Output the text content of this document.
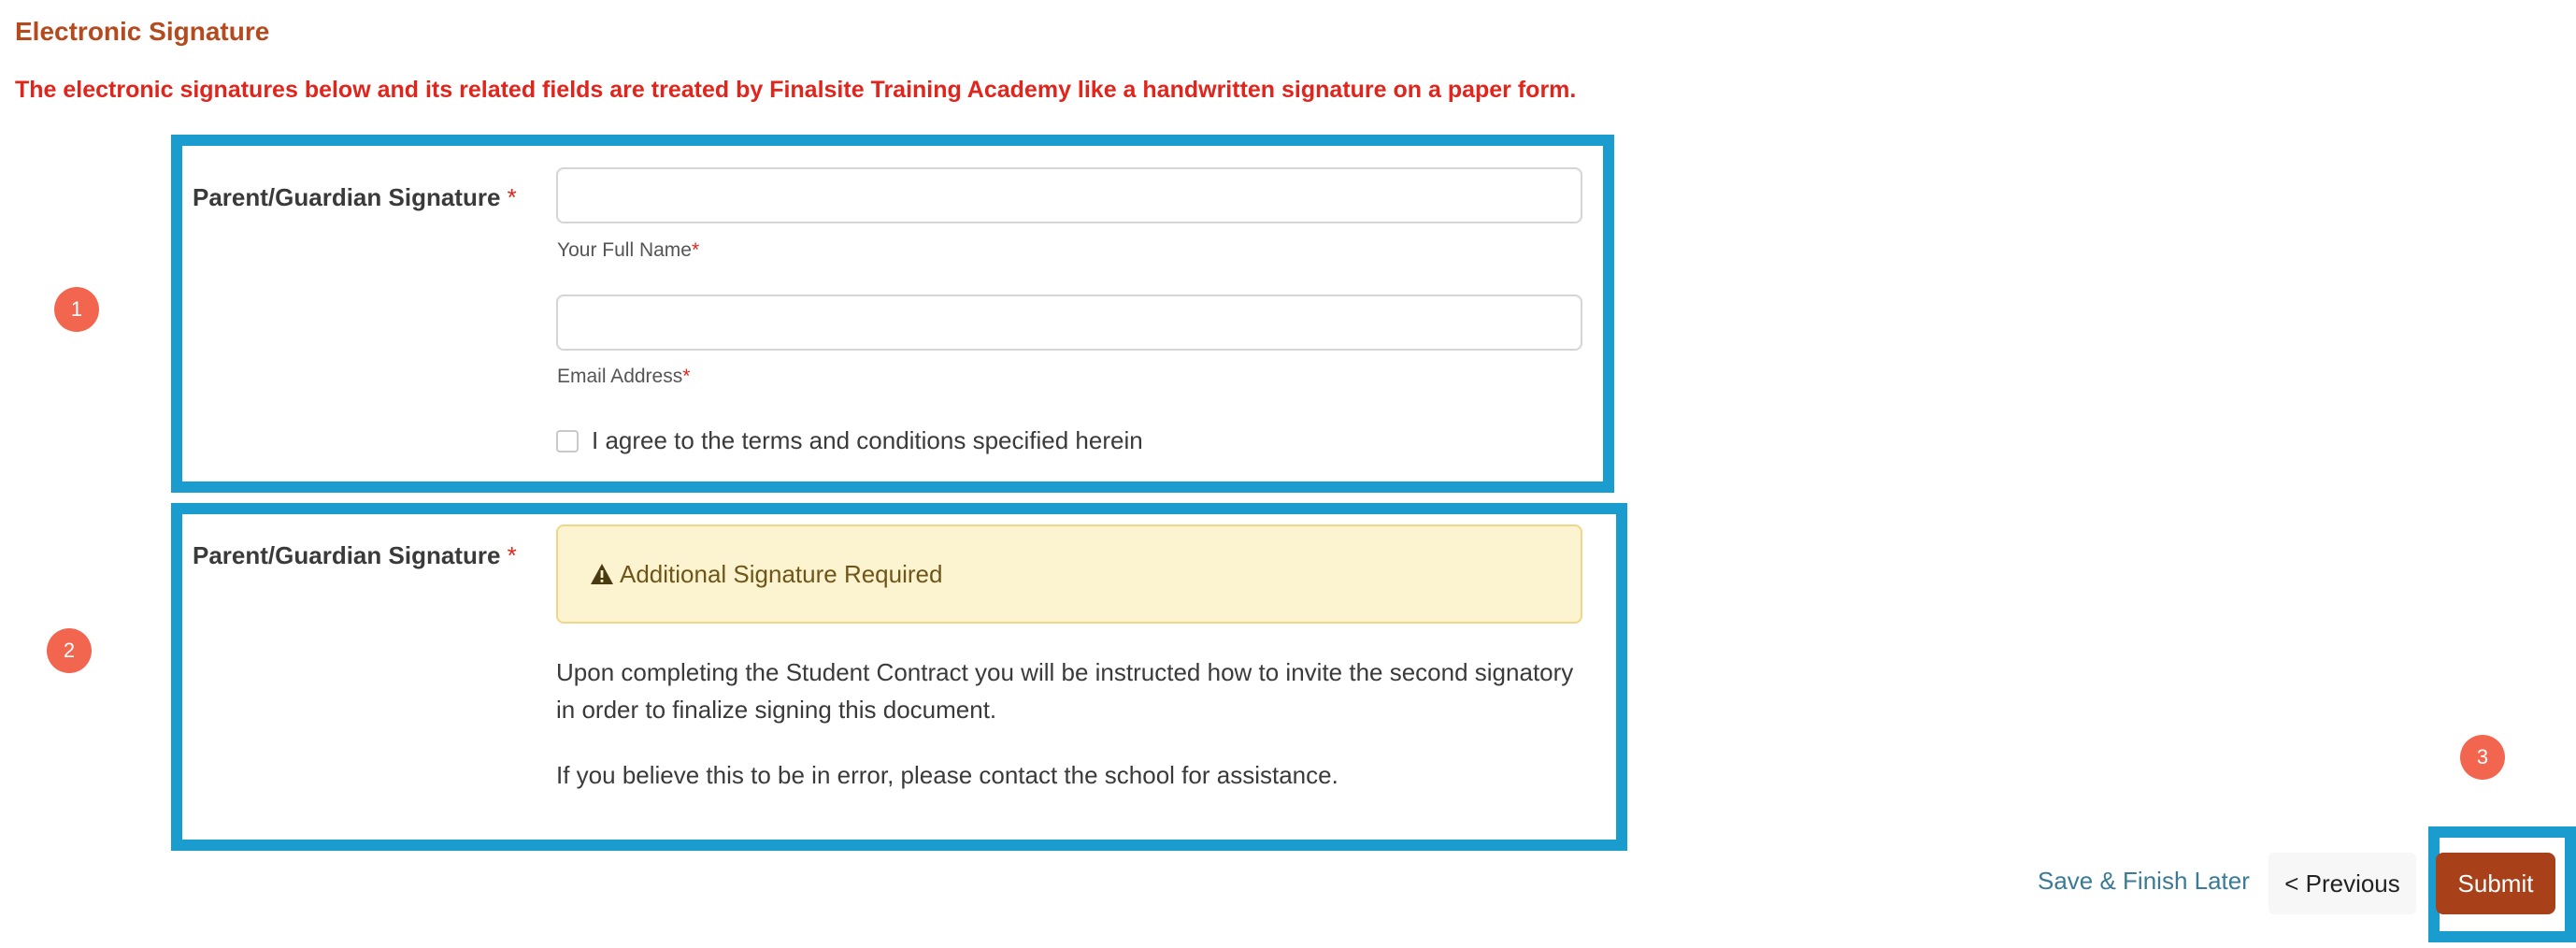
Electronic Signature
The electronic signatures below and its related fields are treated by Finalsite Training Academy like a handwritten signature on a paper form.
1
2
3
Parent/Guardian Signature *
Your Full Name*
Email Address*
I agree to the terms and conditions specified herein
Parent/Guardian Signature *
Additional Signature Required
Upon completing the Student Contract you will be instructed how to invite the second signatory in order to finalize signing this document.
If you believe this to be in error, please contact the school for assistance.
Save & Finish Later	< Previous	Submit
